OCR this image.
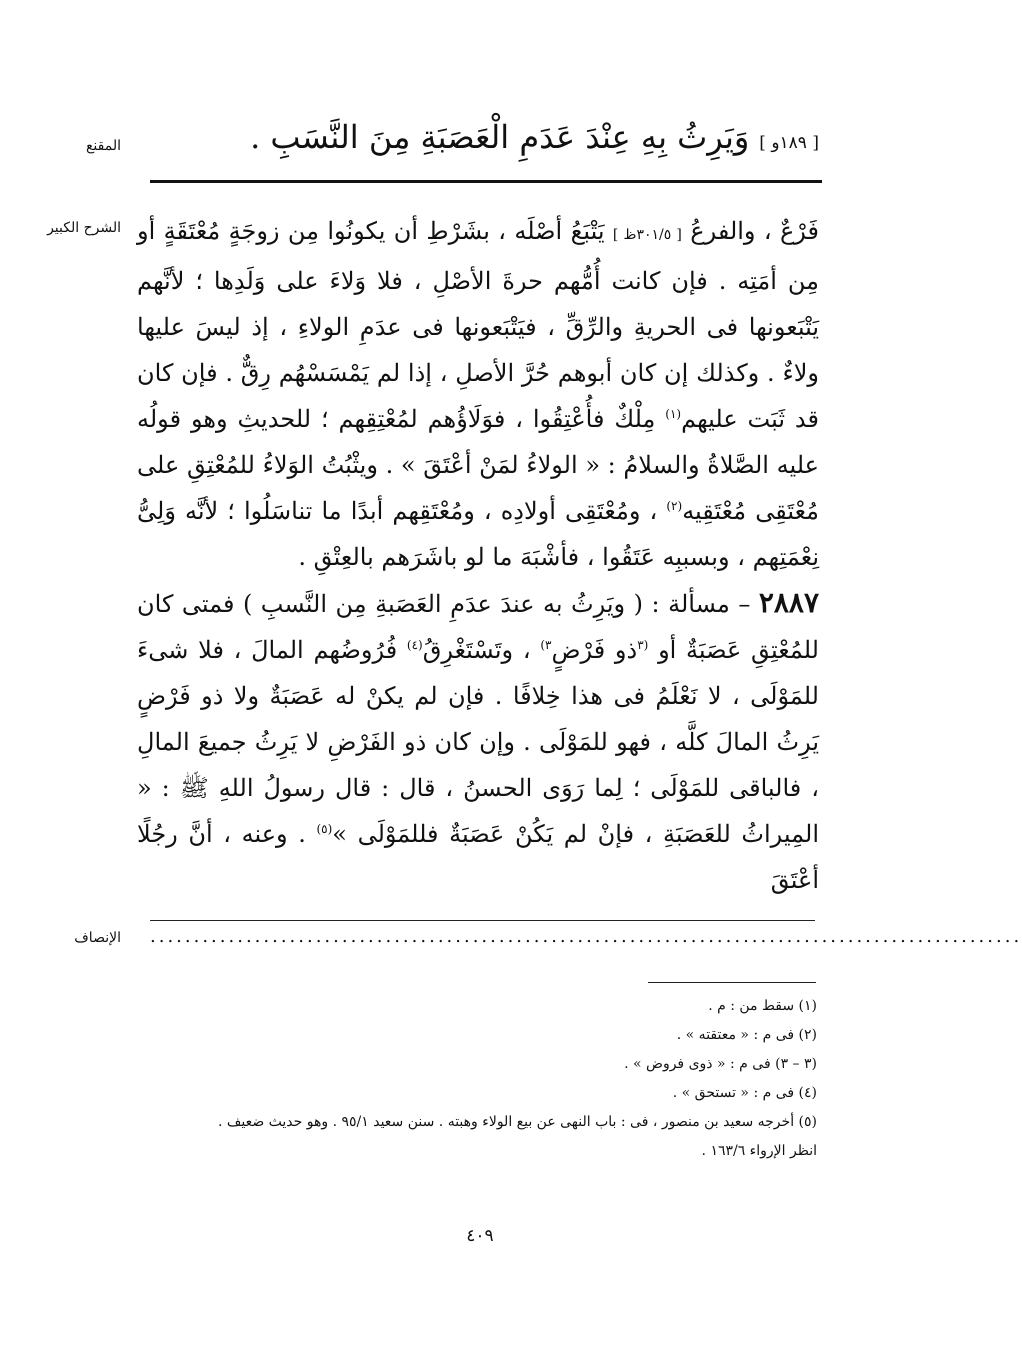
المقنع
الشرح الكبير
الإنصاف
[ ١٨٩و ]وَيَرِثُ بِهِ عِنْدَ عَدَمِ الْعَصَبَةِ مِنَ النَّسَبِ .
فَرْعٌ ، والفرعُ [ ٣٠١/٥ظ ] يَتْبَعُ أصْلَه ، بشَرْطِ أن يكونُوا مِن زوجَةٍ مُعْتَقَةٍ أو مِن أمَتِه . فإن كانت أُمُّهم حرةَ الأصْلِ ، فلا وَلاءَ على وَلَدِها ؛ لأنَّهم يَتْبَعونها فى الحريةِ والرِّقِّ ، فيَتْبَعونها فى عدَمِ الولاءِ ، إذ ليسَ عليها ولاءٌ . وكذلك إن كان أبوهم حُرَّ الأصلِ ، إذا لم يَمْسَسْهُم رِقٌّ . فإن كان قد ثَبَت عليهم$^{(١)}$ مِلْكٌ فأُعْتِقُوا ، فوَلَاؤُهم لمُعْتِقِهم ؛ للحديثِ وهو قولُه عليه الصَّلاةُ والسلامُ : « الولاءُ لمَنْ أعْتَقَ » . ويثْبُتُ الوَلاءُ للمُعْتِقِ على مُعْتَقِى مُعْتَقِيه$^{(٢)}$ ، ومُعْتَقِى أولادِه ، ومُعْتَقِهم أبدًا ما تناسَلُوا ؛ لأنَّه وَلِىُّ نِعْمَتِهم ، وبسببِه عَتَقُوا ، فأشْبَهَ ما لو باشَرَهم بالعِتْقِ .
٢٨٨٧ – مسألة : ( ويَرِثُ به عندَ عدَمِ العَصَبةِ مِن النَّسبِ ) فمتى كان للمُعْتِقِ عَصَبَةٌ أو $^{(٣}$ذو فَرْضٍ$^{٣)}$ ، وتَسْتَغْرِقُ$^{(٤)}$ فُرُوضُهم المالَ ، فلا شىءَ للمَوْلَى ، لا نَعْلَمُ فى هذا خِلافًا . فإن لم يكنْ له عَصَبَةٌ ولا ذو فَرْضٍ يَرِثُ المالَ كلَّه ، فهو للمَوْلَى . وإن كان ذو الفَرْضِ لا يَرِثُ جميعَ المالِ ، فالباقى للمَوْلَى ؛ لِما رَوَى الحسنُ ، قال : قال رسولُ اللهِ ﷺ : « المِيراثُ للعَصَبَةِ ، فإنْ لم يَكُنْ عَصَبَةٌ فللمَوْلَى »$^{(٥)}$ . وعنه ، أنَّ رجُلًا أعْتَقَ
....................................................................................................
(١) سقط من : م .
(٢) فى م : « معتقته » .
(٣ – ٣) فى م : « ذوى فروض » .
(٤) فى م : « تستحق » .
(٥) أخرجه سعيد بن منصور ، فى : باب النهى عن بيع الولاء وهبته . سنن سعيد ٩٥/١ . وهو حديث ضعيف .
انظر الإرواء ١٦٣/٦ .
٤٠٩
